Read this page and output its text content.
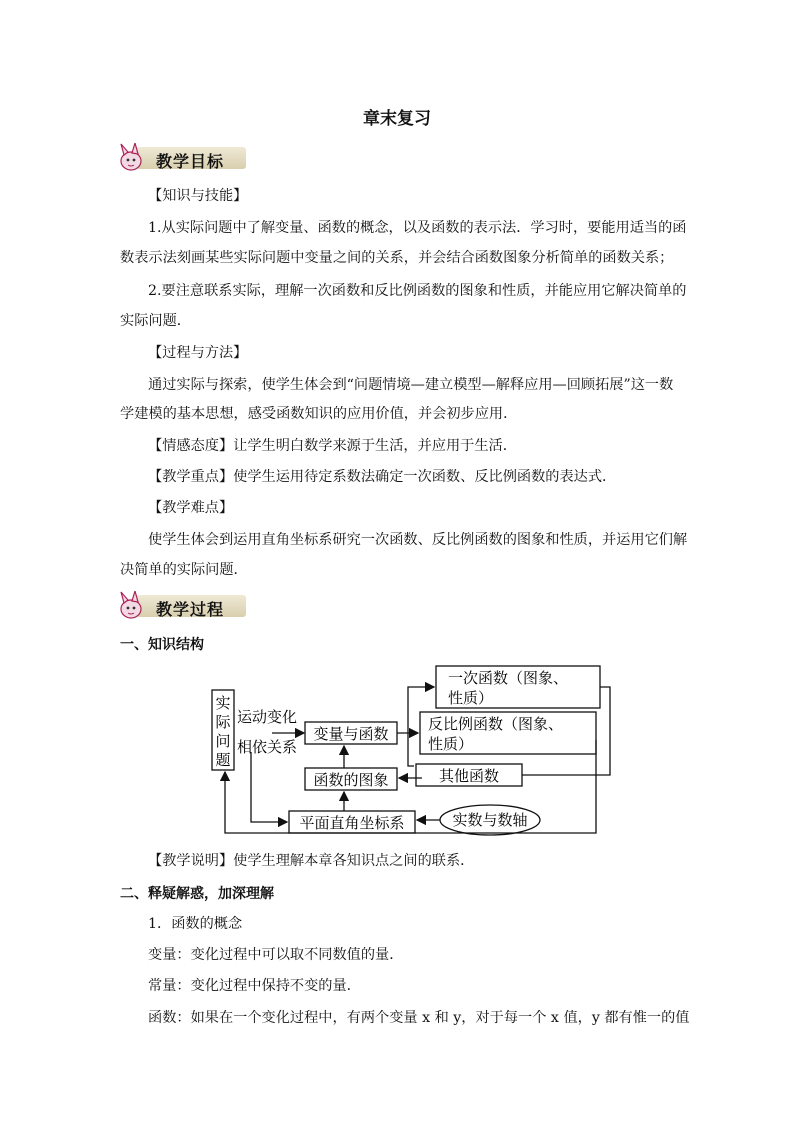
章末复习
教学目标
【知识与技能】
1.从实际问题中了解变量、函数的概念，以及函数的表示法．学习时，要能用适当的函
数表示法刻画某些实际问题中变量之间的关系，并会结合函数图象分析简单的函数关系；
2.要注意联系实际，理解一次函数和反比例函数的图象和性质，并能应用它解决简单的
实际问题．
【过程与方法】
通过实际与探索，使学生体会到“问题情境—建立模型—解释应用—回顾拓展”这一数
学建模的基本思想，感受函数知识的应用价值，并会初步应用．
【情感态度】让学生明白数学来源于生活，并应用于生活．
【教学重点】使学生运用待定系数法确定一次函数、反比例函数的表达式．
【教学难点】
使学生体会到运用直角坐标系研究一次函数、反比例函数的图象和性质，并运用它们解
决简单的实际问题．
教学过程
一、知识结构
实
际
问
题
运动变化
相依关系
变量与函数
函数的图象
平面直角坐标系	实数与数轴
一次函数（图象、
性质）
反比例函数（图象、
性质）
其他函数
【教学说明】使学生理解本章各知识点之间的联系．
二、释疑解惑，加深理解
1．函数的概念
变量：变化过程中可以取不同数值的量．
常量：变化过程中保持不变的量．
函数：如果在一个变化过程中，有两个变量 x 和 y，对于每一个 x 值，y 都有惟一的值
